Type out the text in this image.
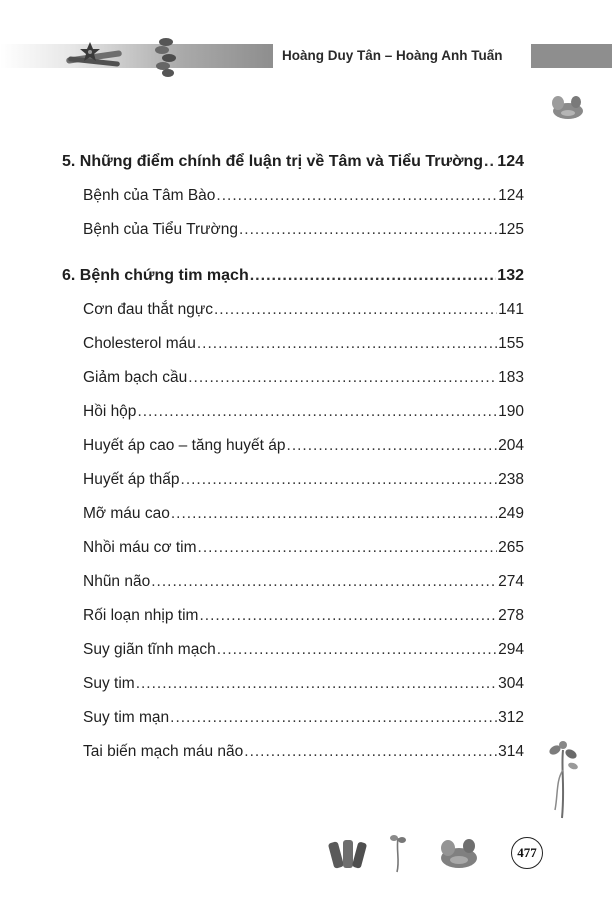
Hoàng Duy Tân – Hoàng Anh Tuấn
5. Những điểm chính để luận trị về Tâm và Tiểu Trường ..... 124
Bệnh của Tâm Bào .....	124
Bệnh của Tiểu Trường .....	125
6. Bệnh chứng tim mạch .....	132
Cơn đau thắt ngực .....	141
Cholesterol máu .....	155
Giảm bạch cầu .....	183
Hồi hộp .....	190
Huyết áp cao – tăng huyết áp .....	204
Huyết áp thấp .....	238
Mỡ máu cao .....	249
Nhồi máu cơ tim .....	265
Nhũn não .....	274
Rối loạn nhịp tim .....	278
Suy giãn tĩnh mạch .....	294
Suy tim .....	304
Suy tim mạn .....	312
Tai biến mạch máu não .....	314
477
